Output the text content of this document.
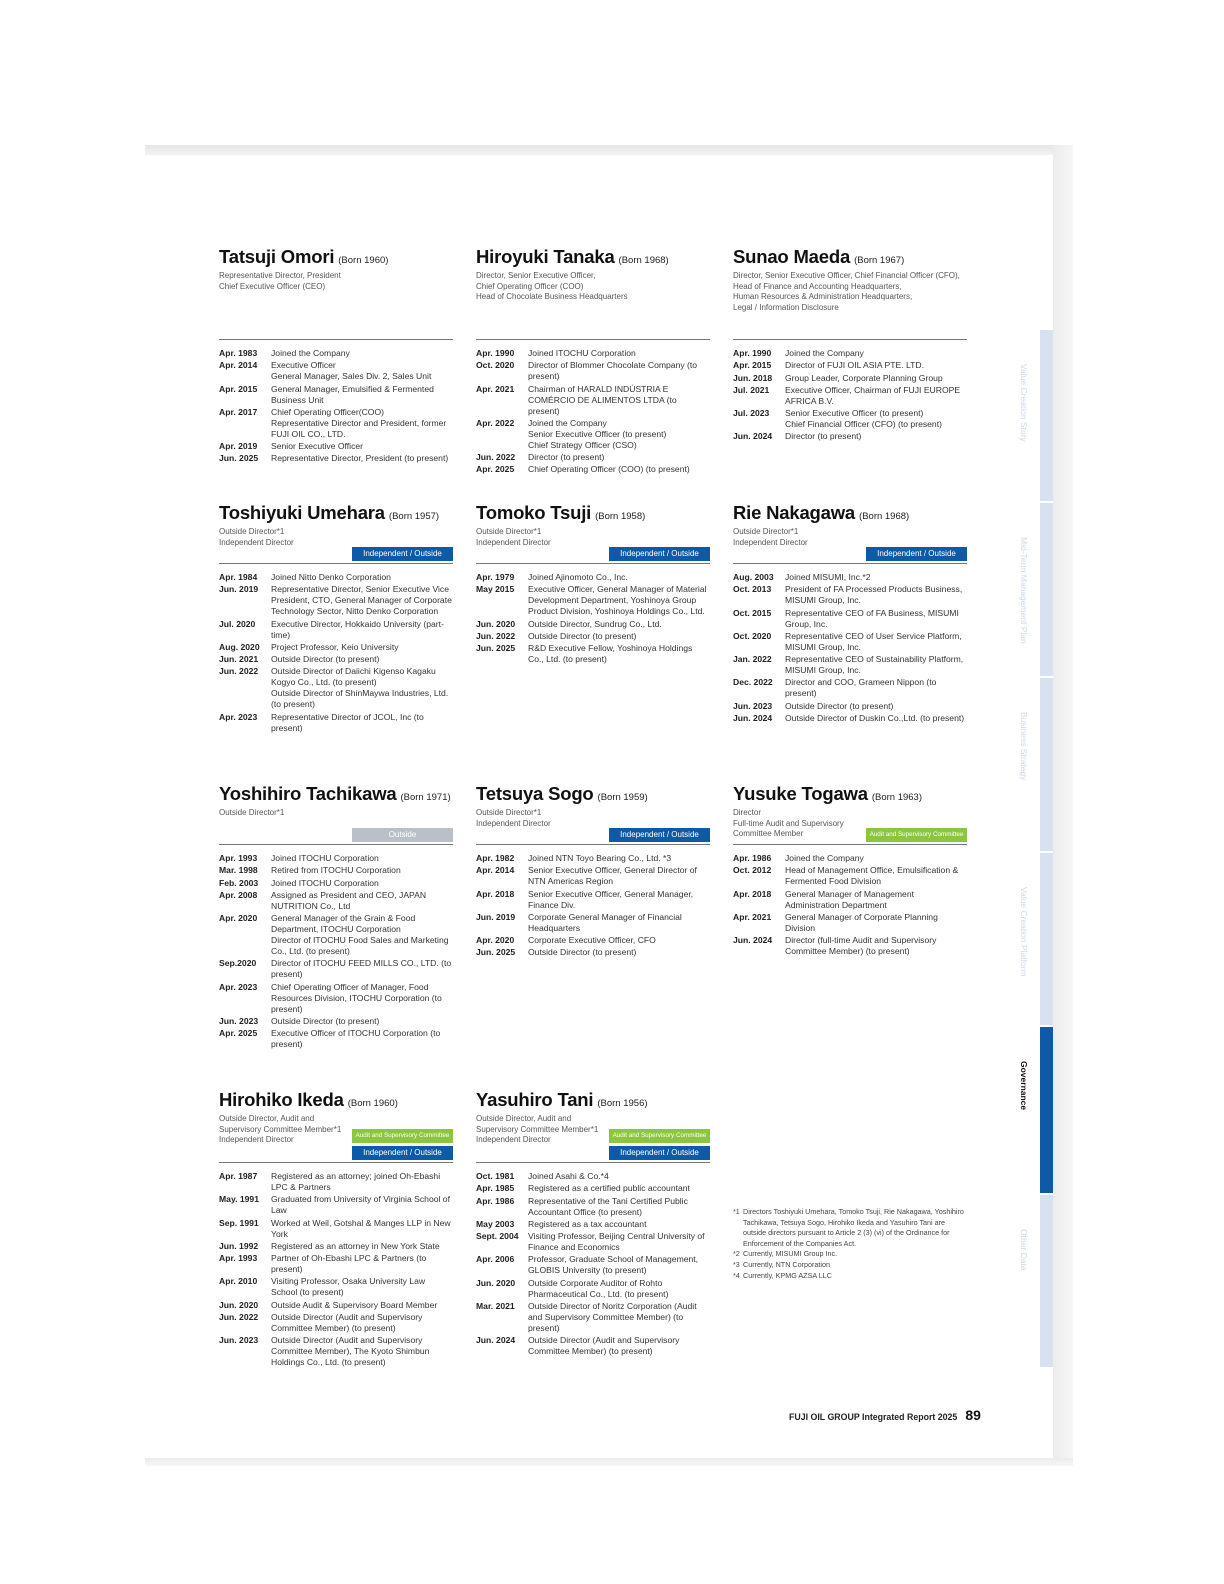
Tatsuji Omori (Born 1960)
Representative Director, President
Chief Executive Officer (CEO)
Apr. 1983	Joined the Company
Apr. 2014	Executive Officer
General Manager, Sales Div. 2, Sales Unit
Apr. 2015	General Manager, Emulsified & Fermented Business Unit
Apr. 2017	Chief Operating Officer(COO)
Representative Director and President, former FUJI OIL CO., LTD.
Apr. 2019	Senior Executive Officer
Jun. 2025	Representative Director, President (to present)
Hiroyuki Tanaka (Born 1968)
Director, Senior Executive Officer,
Chief Operating Officer (COO)
Head of Chocolate Business Headquarters
Apr. 1990	Joined ITOCHU Corporation
Oct. 2020	Director of Blommer Chocolate Company (to present)
Apr. 2021	Chairman of HARALD INDÚSTRIA E COMÉRCIO DE ALIMENTOS LTDA (to present)
Apr. 2022	Joined the Company
Senior Executive Officer (to present)
Chief Strategy Officer (CSO)
Jun. 2022	Director (to present)
Apr. 2025	Chief Operating Officer (COO) (to present)
Sunao Maeda (Born 1967)
Director, Senior Executive Officer, Chief Financial Officer (CFO),
Head of Finance and Accounting Headquarters,
Human Resources & Administration Headquarters,
Legal / Information Disclosure
Apr. 1990	Joined the Company
Apr. 2015	Director of FUJI OIL ASIA PTE. LTD.
Jun. 2018	Group Leader, Corporate Planning Group
Jul. 2021	Executive Officer, Chairman of FUJI EUROPE AFRICA B.V.
Jul. 2023	Senior Executive Officer (to present)
Chief Financial Officer (CFO) (to present)
Jun. 2024	Director (to present)
Toshiyuki Umehara (Born 1957)
Outside Director*1
Independent Director
Independent / Outside
Apr. 1984	Joined Nitto Denko Corporation
Jun. 2019	Representative Director, Senior Executive Vice President, CTO, General Manager of Corporate Technology Sector, Nitto Denko Corporation
Jul. 2020	Executive Director, Hokkaido University (part-time)
Aug. 2020	Project Professor, Keio University
Jun. 2021	Outside Director (to present)
Jun. 2022	Outside Director of Daiichi Kigenso Kagaku Kogyo Co., Ltd. (to present)
Outside Director of ShinMaywa Industries, Ltd. (to present)
Apr. 2023	Representative Director of JCOL, Inc (to present)
Tomoko Tsuji (Born 1958)
Outside Director*1
Independent Director
Independent / Outside
Apr. 1979	Joined Ajinomoto Co., Inc.
May 2015	Executive Officer, General Manager of Material Development Department, Yoshinoya Group Product Division, Yoshinoya Holdings Co., Ltd.
Jun. 2020	Outside Director, Sundrug Co., Ltd.
Jun. 2022	Outside Director (to present)
Jun. 2025	R&D Executive Fellow, Yoshinoya Holdings Co., Ltd. (to present)
Rie Nakagawa (Born 1968)
Outside Director*1
Independent Director
Independent / Outside
Aug. 2003	Joined MISUMI, Inc.*2
Oct. 2013	President of FA Processed Products Business, MISUMI Group, Inc.
Oct. 2015	Representative CEO of FA Business, MISUMI Group, Inc.
Oct. 2020	Representative CEO of User Service Platform, MISUMI Group, Inc.
Jan. 2022	Representative CEO of Sustainability Platform, MISUMI Group, Inc.
Dec. 2022	Director and COO, Grameen Nippon (to present)
Jun. 2023	Outside Director (to present)
Jun. 2024	Outside Director of Duskin Co.,Ltd. (to present)
Yoshihiro Tachikawa (Born 1971)
Outside Director*1
Outside
Apr. 1993	Joined ITOCHU Corporation
Mar. 1998	Retired from ITOCHU Corporation
Feb. 2003	Joined ITOCHU Corporation
Apr. 2008	Assigned as President and CEO, JAPAN NUTRITION Co., Ltd
Apr. 2020	General Manager of the Grain & Food Department, ITOCHU Corporation
Director of ITOCHU Food Sales and Marketing Co., Ltd. (to present)
Sep.2020	Director of ITOCHU FEED MILLS CO., LTD. (to present)
Apr. 2023	Chief Operating Officer of Manager, Food Resources Division, ITOCHU Corporation (to present)
Jun. 2023	Outside Director (to present)
Apr. 2025	Executive Officer of ITOCHU Corporation (to present)
Tetsuya Sogo (Born 1959)
Outside Director*1
Independent Director
Independent / Outside
Apr. 1982	Joined NTN Toyo Bearing Co., Ltd. *3
Apr. 2014	Senior Executive Officer, General Director of NTN Americas Region
Apr. 2018	Senior Executive Officer, General Manager, Finance Div.
Jun. 2019	Corporate General Manager of Financial Headquarters
Apr. 2020	Corporate Executive Officer, CFO
Jun. 2025	Outside Director (to present)
Yusuke Togawa (Born 1963)
Director
Full-time Audit and Supervisory
Committee Member	Audit and Supervisory Committee
Apr. 1986	Joined the Company
Oct. 2012	Head of Management Office, Emulsification & Fermented Food Division
Apr. 2018	General Manager of Management Administration Department
Apr. 2021	General Manager of Corporate Planning Division
Jun. 2024	Director (full-time Audit and Supervisory Committee Member) (to present)
Hirohiko Ikeda (Born 1960)
Outside Director, Audit and
Supervisory Committee Member*1
Independent Director	Audit and Supervisory Committee
Independent / Outside
Apr. 1987	Registered as an attorney; joined Oh-Ebashi LPC & Partners
May. 1991	Graduated from University of Virginia School of Law
Sep. 1991	Worked at Weil, Gotshal & Manges LLP in New York
Jun. 1992	Registered as an attorney in New York State
Apr. 1993	Partner of Oh-Ebashi LPC & Partners (to present)
Apr. 2010	Visiting Professor, Osaka University Law School (to present)
Jun. 2020	Outside Audit & Supervisory Board Member
Jun. 2022	Outside Director (Audit and Supervisory Committee Member) (to present)
Jun. 2023	Outside Director (Audit and Supervisory Committee Member), The Kyoto Shimbun Holdings Co., Ltd. (to present)
Yasuhiro Tani (Born 1956)
Outside Director, Audit and
Supervisory Committee Member*1
Independent Director	Audit and Supervisory Committee
Independent / Outside
Oct. 1981	Joined Asahi & Co.*4
Apr. 1985	Registered as a certified public accountant
Apr. 1986	Representative of the Tani Certified Public Accountant Office (to present)
May 2003	Registered as a tax accountant
Sept. 2004	Visiting Professor, Beijing Central University of Finance and Economics
Apr. 2006	Professor, Graduate School of Management, GLOBIS University (to present)
Jun. 2020	Outside Corporate Auditor of Rohto Pharmaceutical Co., Ltd. (to present)
Mar. 2021	Outside Director of Noritz Corporation (Audit and Supervisory Committee Member) (to present)
Jun. 2024	Outside Director (Audit and Supervisory Committee Member) (to present)
*1 Directors Toshiyuki Umehara, Tomoko Tsuji, Rie Nakagawa, Yoshihiro Tachikawa, Tetsuya Sogo, Hirohiko Ikeda and Yasuhiro Tani are outside directors pursuant to Article 2 (3) (vi) of the Ordinance for Enforcement of the Companies Act.
*2 Currently, MISUMI Group Inc.
*3 Currently, NTN Corporation
*4 Currently, KPMG AZSA LLC
FUJI OIL GROUP Integrated Report 2025 89
